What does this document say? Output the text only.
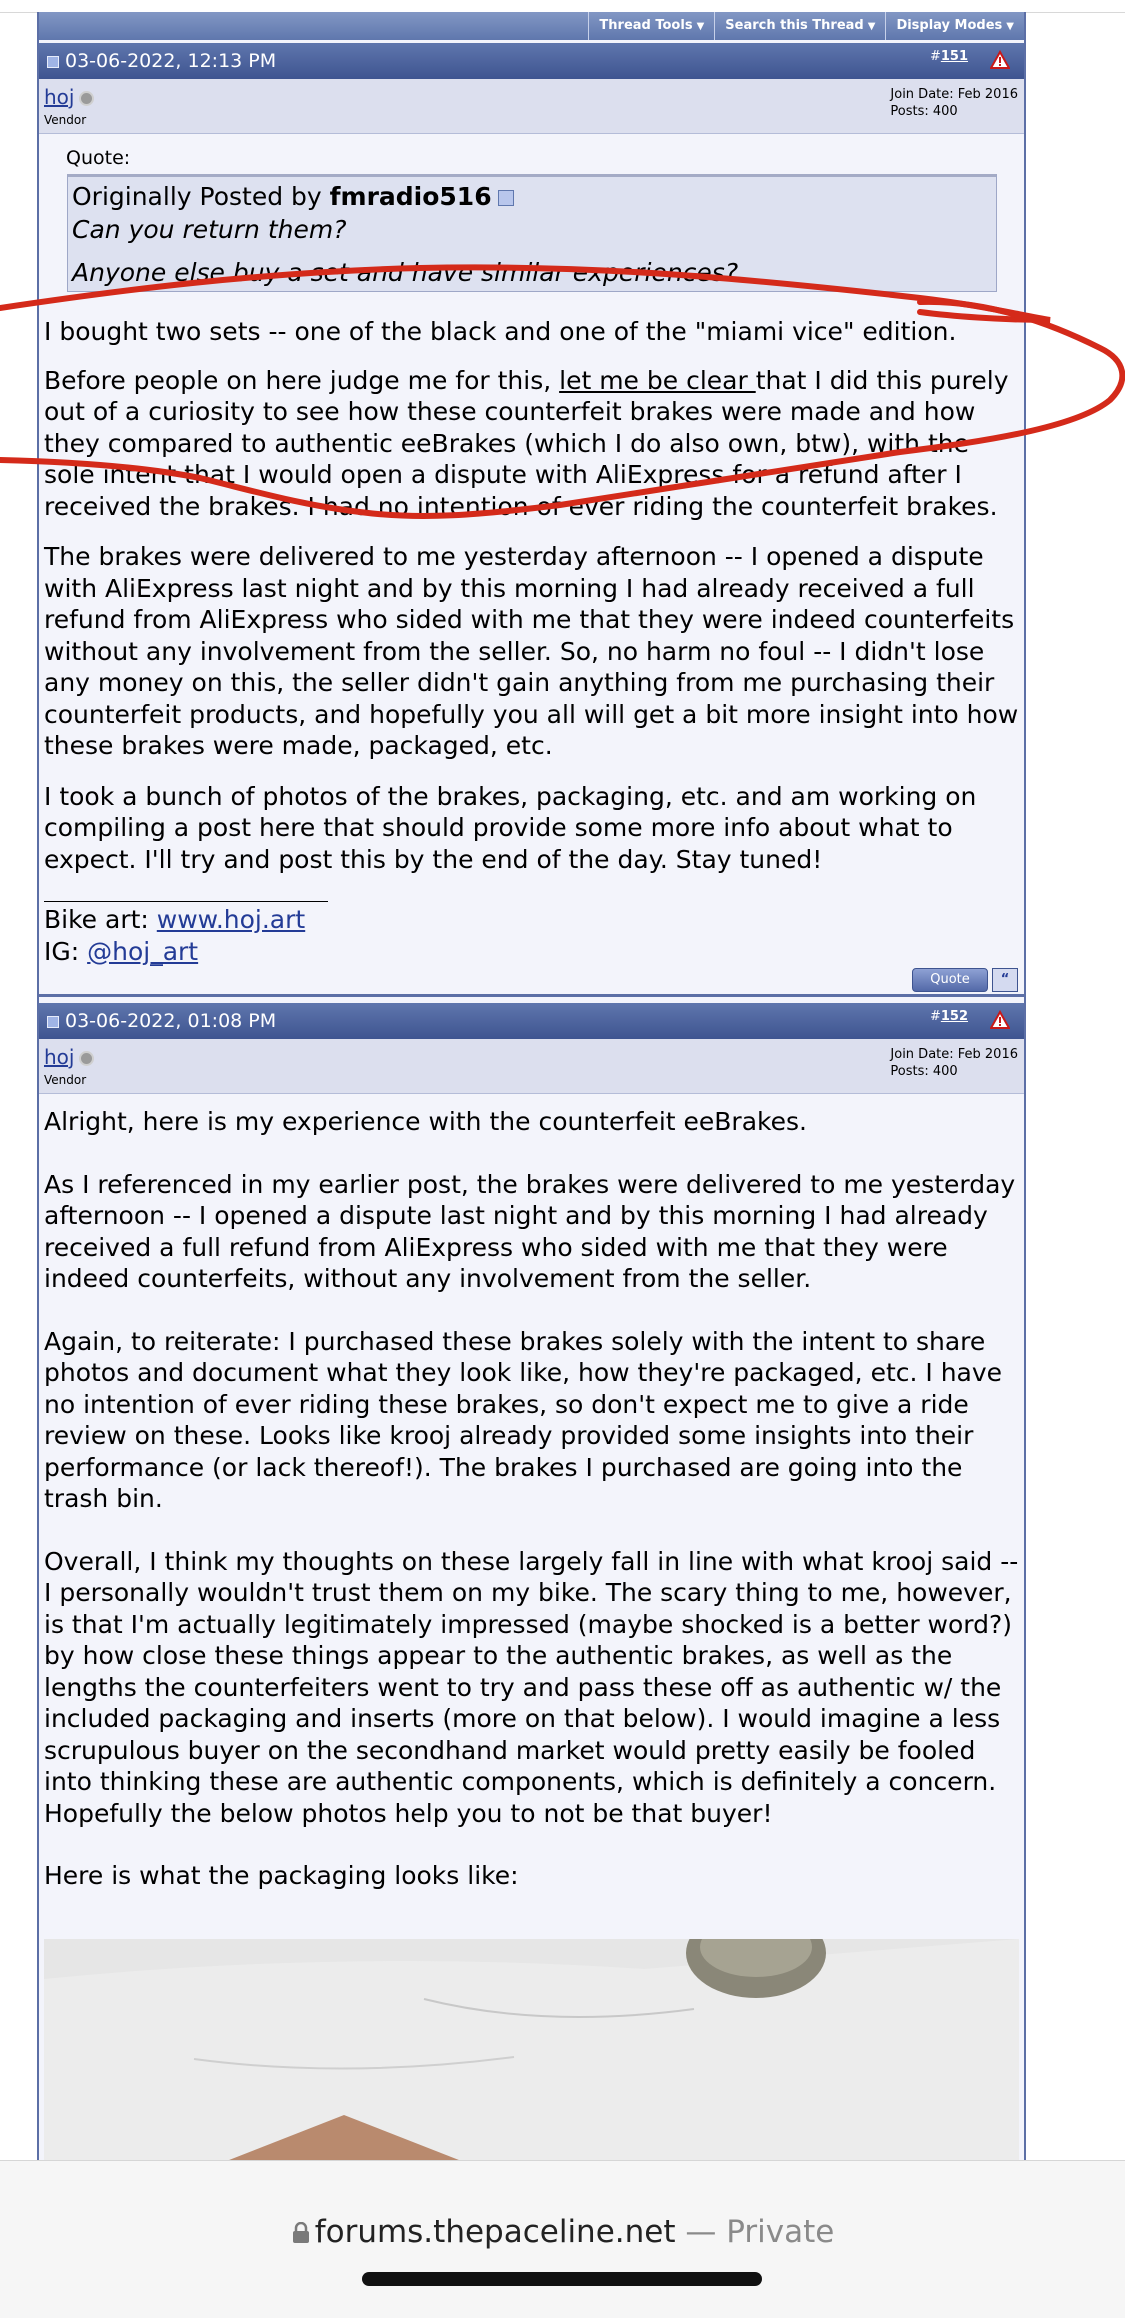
Thread Tools ▼	Search this Thread ▼	Display Modes ▼
03-06-2022, 12:13 PM	#151
hoj
Vendor
Join Date: Feb 2016
Posts: 400
Quote:
Originally Posted by fmradio516
Can you return them?
Anyone else buy a set and have similar experiences?

I bought two sets -- one of the black and one of the "miami vice" edition.

Before people on here judge me for this, let me be clear that I did this purely out of a curiosity to see how these counterfeit brakes were made and how they compared to authentic eeBrakes (which I do also own, btw), with the sole intent that I would open a dispute with AliExpress for a refund after I received the brakes. I had no intention of ever riding the counterfeit brakes.

The brakes were delivered to me yesterday afternoon -- I opened a dispute with AliExpress last night and by this morning I had already received a full refund from AliExpress who sided with me that they were indeed counterfeits without any involvement from the seller. So, no harm no foul -- I didn't lose any money on this, the seller didn't gain anything from me purchasing their counterfeit products, and hopefully you all will get a bit more insight into how these brakes were made, packaged, etc.

I took a bunch of photos of the brakes, packaging, etc. and am working on compiling a post here that should provide some more info about what to expect. I'll try and post this by the end of the day. Stay tuned!

Bike art: www.hoj.art

IG: @hoj_art

Quote	“
03-06-2022, 01:08 PM	#152
hoj
Vendor
Join Date: Feb 2016
Posts: 400

Alright, here is my experience with the counterfeit eeBrakes.

As I referenced in my earlier post, the brakes were delivered to me yesterday afternoon -- I opened a dispute last night and by this morning I had already received a full refund from AliExpress who sided with me that they were indeed counterfeits, without any involvement from the seller.

Again, to reiterate: I purchased these brakes solely with the intent to share photos and document what they look like, how they're packaged, etc. I have no intention of ever riding these brakes, so don't expect me to give a ride review on these. Looks like krooj already provided some insights into their performance (or lack thereof!). The brakes I purchased are going into the trash bin.

Overall, I think my thoughts on these largely fall in line with what krooj said -- I personally wouldn't trust them on my bike. The scary thing to me, however, is that I'm actually legitimately impressed (maybe shocked is a better word?) by how close these things appear to the authentic brakes, as well as the lengths the counterfeiters went to try and pass these off as authentic w/ the included packaging and inserts (more on that below). I would imagine a less scrupulous buyer on the secondhand market would pretty easily be fooled into thinking these are authentic components, which is definitely a concern. Hopefully the below photos help you to not be that buyer!

Here is what the packaging looks like:

forums.thepaceline.net — Private
